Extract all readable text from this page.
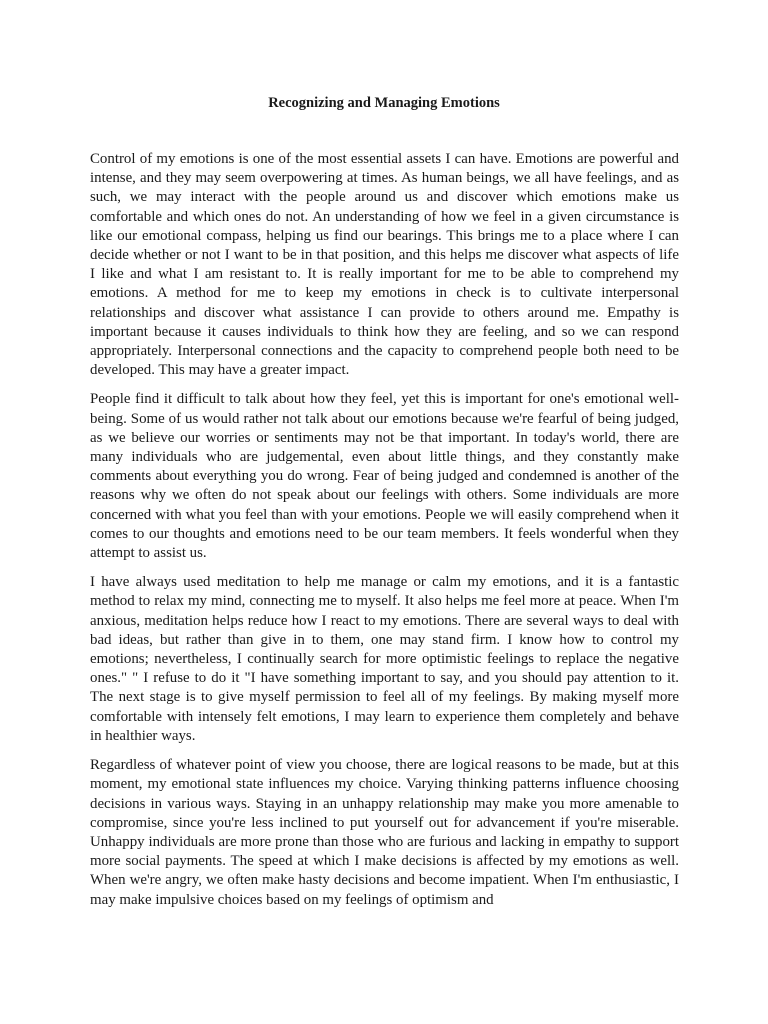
Recognizing and Managing Emotions

Control of my emotions is one of the most essential assets I can have. Emotions are powerful and intense, and they may seem overpowering at times. As human beings, we all have feelings, and as such, we may interact with the people around us and discover which emotions make us comfortable and which ones do not. An understanding of how we feel in a given circumstance is like our emotional compass, helping us find our bearings. This brings me to a place where I can decide whether or not I want to be in that position, and this helps me discover what aspects of life I like and what I am resistant to. It is really important for me to be able to comprehend my emotions. A method for me to keep my emotions in check is to cultivate interpersonal relationships and discover what assistance I can provide to others around me. Empathy is important because it causes individuals to think how they are feeling, and so we can respond appropriately. Interpersonal connections and the capacity to comprehend people both need to be developed. This may have a greater impact.

People find it difficult to talk about how they feel, yet this is important for one's emotional well-being. Some of us would rather not talk about our emotions because we're fearful of being judged, as we believe our worries or sentiments may not be that important. In today's world, there are many individuals who are judgemental, even about little things, and they constantly make comments about everything you do wrong. Fear of being judged and condemned is another of the reasons why we often do not speak about our feelings with others. Some individuals are more concerned with what you feel than with your emotions. People we will easily comprehend when it comes to our thoughts and emotions need to be our team members. It feels wonderful when they attempt to assist us.

I have always used meditation to help me manage or calm my emotions, and it is a fantastic method to relax my mind, connecting me to myself. It also helps me feel more at peace. When I'm anxious, meditation helps reduce how I react to my emotions. There are several ways to deal with bad ideas, but rather than give in to them, one may stand firm. I know how to control my emotions; nevertheless, I continually search for more optimistic feelings to replace the negative ones." " I refuse to do it "I have something important to say, and you should pay attention to it. The next stage is to give myself permission to feel all of my feelings. By making myself more comfortable with intensely felt emotions, I may learn to experience them completely and behave in healthier ways.

Regardless of whatever point of view you choose, there are logical reasons to be made, but at this moment, my emotional state influences my choice. Varying thinking patterns influence choosing decisions in various ways. Staying in an unhappy relationship may make you more amenable to compromise, since you're less inclined to put yourself out for advancement if you're miserable. Unhappy individuals are more prone than those who are furious and lacking in empathy to support more social payments. The speed at which I make decisions is affected by my emotions as well. When we're angry, we often make hasty decisions and become impatient. When I'm enthusiastic, I may make impulsive choices based on my feelings of optimism and
